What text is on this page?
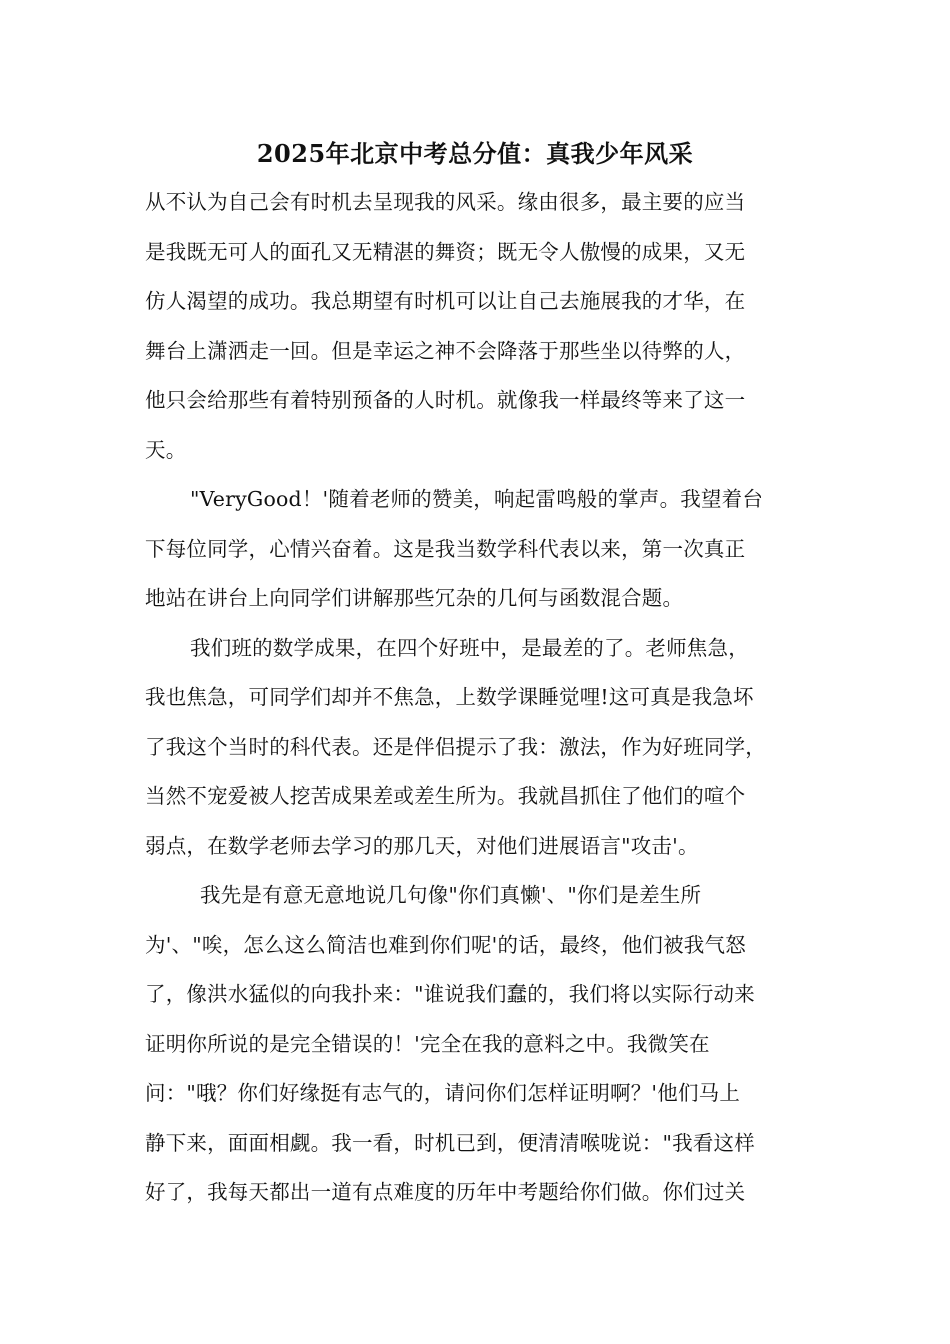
2025年北京中考总分值：真我少年风采

从不认为自己会有时机去呈现我的风采。缘由很多，最主要的应当
是我既无可人的面孔又无精湛的舞资；既无令人傲慢的成果，又无
仿人渴望的成功。我总期望有时机可以让自己去施展我的才华，在
舞台上潇洒走一回。但是幸运之神不会降落于那些坐以待弊的人，
他只会给那些有着特别预备的人时机。就像我一样最终等来了这一
天。

"VeryGood！'随着老师的赞美，响起雷鸣般的掌声。我望着台
下每位同学，心情兴奋着。这是我当数学科代表以来，第一次真正
地站在讲台上向同学们讲解那些冗杂的几何与函数混合题。

我们班的数学成果，在四个好班中，是最差的了。老师焦急，
我也焦急，可同学们却并不焦急，上数学课睡觉哩!这可真是我急坏
了我这个当时的科代表。还是伴侣提示了我：激法，作为好班同学，
当然不宠爱被人挖苦成果差或差生所为。我就昌抓住了他们的喧个
弱点，在数学老师去学习的那几天，对他们进展语言"攻击'。

我先是有意无意地说几句像"你们真懒'、"你们是差生所
为'、"唉，怎么这么简洁也难到你们呢'的话，最终，他们被我气怒
了，像洪水猛似的向我扑来："谁说我们蠢的，我们将以实际行动来
证明你所说的是完全错误的！'完全在我的意料之中。我微笑在
问："哦？你们好缘挺有志气的，请问你们怎样证明啊？'他们马上
静下来，面面相觑。我一看，时机已到，便清清喉咙说："我看这样
好了，我每天都出一道有点难度的历年中考题给你们做。你们过关
